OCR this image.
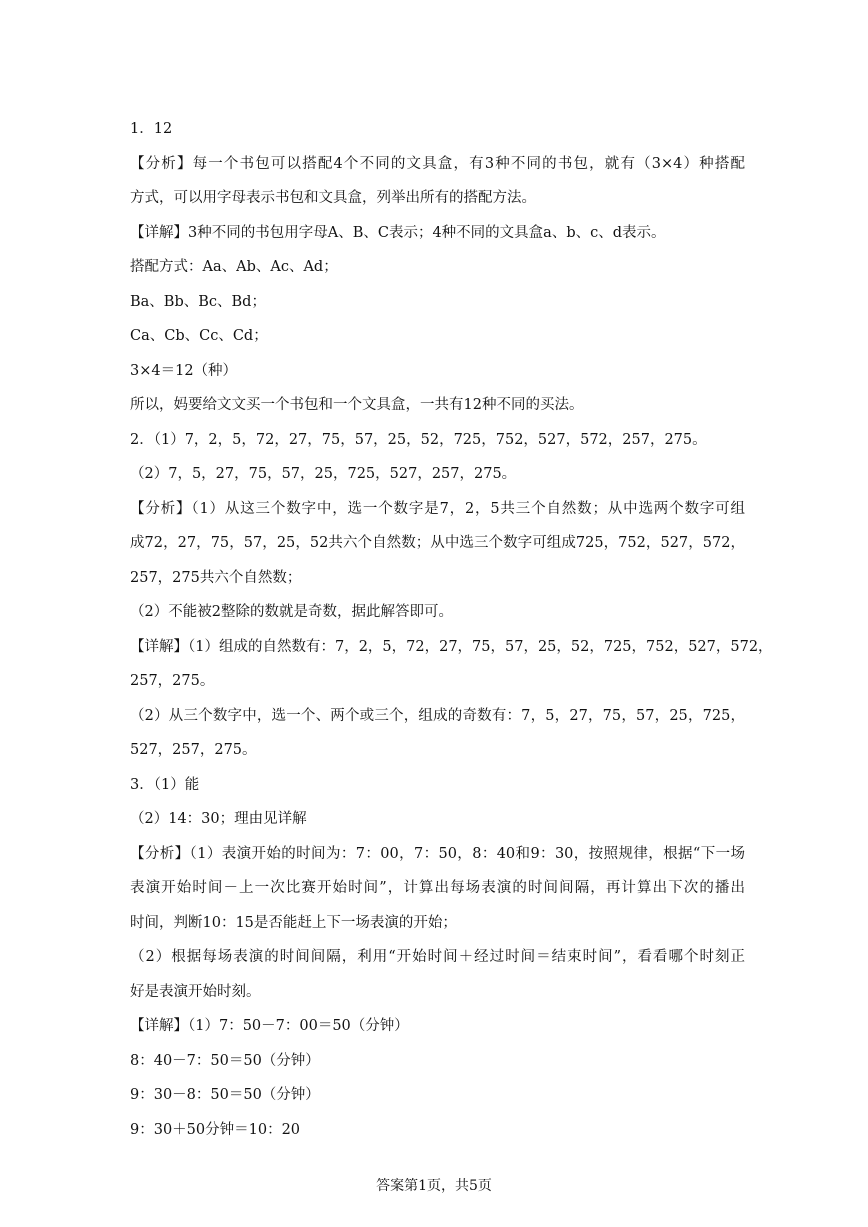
1．12
【分析】每一个书包可以搭配4个不同的文具盒，有3种不同的书包，就有（3×4）种搭配
方式，可以用字母表示书包和文具盒，列举出所有的搭配方法。
【详解】3种不同的书包用字母A、B、C表示；4种不同的文具盒a、b、c、d表示。
搭配方式：Aa、Ab、Ac、Ad；
Ba、Bb、Bc、Bd；
Ca、Cb、Cc、Cd；
3×4＝12（种）
所以，妈要给文文买一个书包和一个文具盒，一共有12种不同的买法。
2．（1）7，2，5，72，27，75，57，25，52，725，752，527，572，257，275。
（2）7，5，27，75，57，25，725，527，257，275。
【分析】（1）从这三个数字中，选一个数字是7，2，5共三个自然数；从中选两个数字可组
成72，27，75，57，25，52共六个自然数；从中选三个数字可组成725，752，527，572，
257，275共六个自然数；
（2）不能被2整除的数就是奇数，据此解答即可。
【详解】（1）组成的自然数有：7，2，5，72，27，75，57，25，52，725，752，527，572，
257，275。
（2）从三个数字中，选一个、两个或三个，组成的奇数有：7，5，27，75，57，25，725，
527，257，275。
3．（1）能
（2）14：30；理由见详解
【分析】（1）表演开始的时间为：7：00，7：50，8：40和9：30，按照规律，根据“下一场
表演开始时间－上一次比赛开始时间”，计算出每场表演的时间间隔，再计算出下次的播出
时间，判断10：15是否能赶上下一场表演的开始；
（2）根据每场表演的时间间隔，利用“开始时间＋经过时间＝结束时间”，看看哪个时刻正
好是表演开始时刻。
【详解】（1）7：50－7：00＝50（分钟）
8：40－7：50＝50（分钟）
9：30－8：50＝50（分钟）
9：30＋50分钟＝10：20
答案第1页，共5页
